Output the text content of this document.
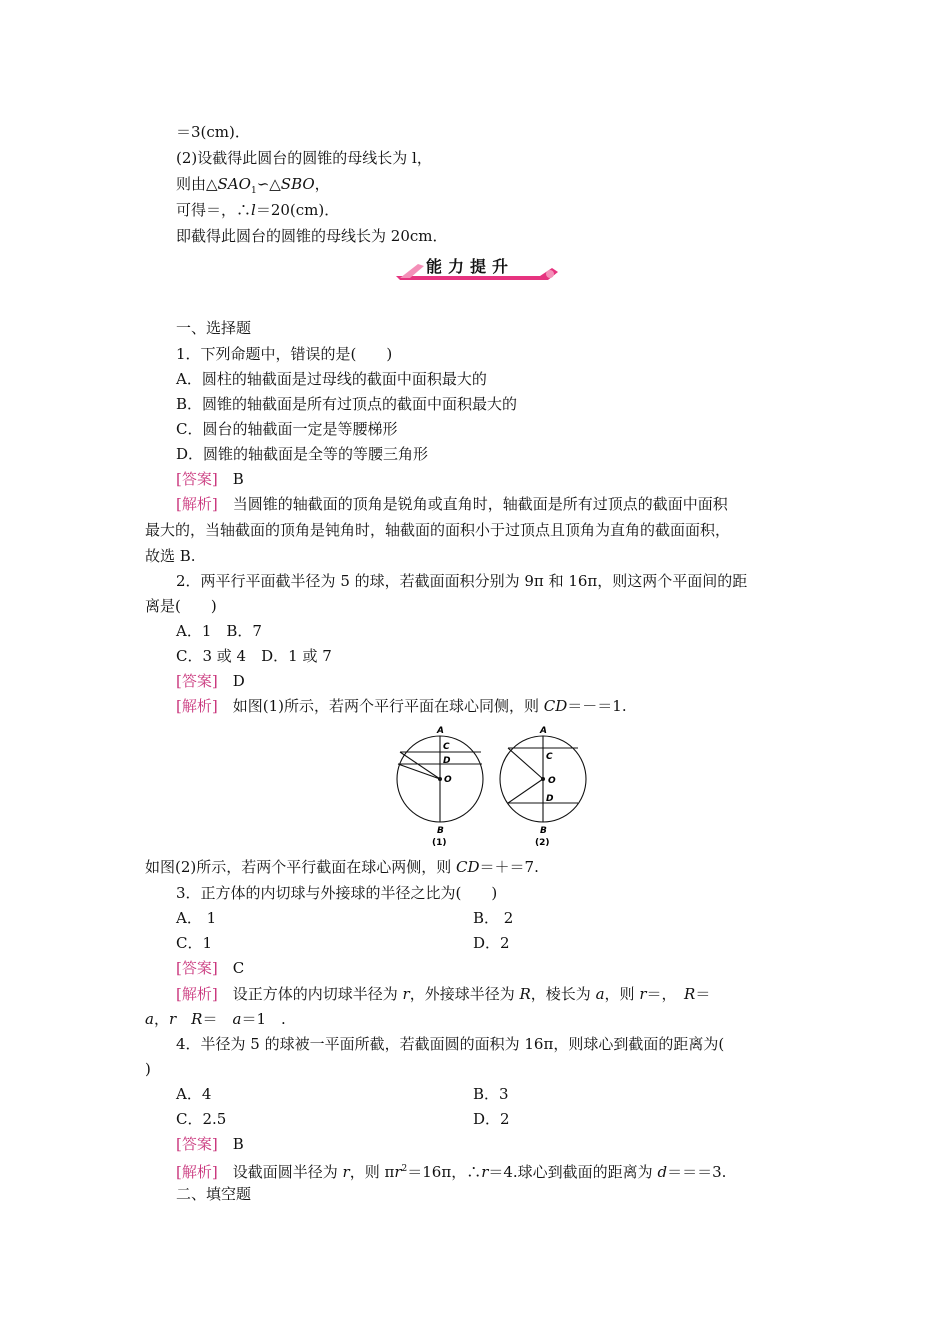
＝3(cm)．
(2)设截得此圆台的圆锥的母线长为 l，
则由$\triangle SAO_1∽\triangle SBO$，
可得＝，∴l＝20(cm)．
即截得此圆台的圆锥的母线长为 20cm．
能力提升
一、选择题
1．下列命题中，错误的是(　　)
A．圆柱的轴截面是过母线的截面中面积最大的
B．圆锥的轴截面是所有过顶点的截面中面积最大的
C．圆台的轴截面一定是等腰梯形
D．圆锥的轴截面是全等的等腰三角形
[答案]　 B
[解析]　 当圆锥的轴截面的顶角是锐角或直角时，轴截面是所有过顶点的截面中面积
最大的，当轴截面的顶角是钝角时，轴截面的面积小于过顶点且顶角为直角的截面面积，
故选 B.
2．两平行平面截半径为 5 的球，若截面面积分别为 9π 和 16π，则这两个平面间的距
离是(　　)
A．1　B．7
C．3 或 4　D．1 或 7
[答案]　 D
[解析]　 如图(1)所示，若两个平行平面在球心同侧，则 CD＝－＝1.
A
C
D
O
B
(1)
A
C
O
D
B
(2)
如图(2)所示，若两个平行截面在球心两侧，则 CD＝＋＝7.
3．正方体的内切球与外接球的半径之比为(　　)
A． 1	B． 2
C．1	D．2
[答案]　 C
[解析]　 设正方体的内切球半径为 r，外接球半径为 R，棱长为 a，则 r＝，　 R＝
a，r　 R＝　 a＝1　.
4．半径为 5 的球被一平面所截，若截面圆的面积为 16π，则球心到截面的距离为(
)
A．4	B．3
C．2.5	D．2
[答案]　 B
[解析]　 设截面圆半径为 r，则 $\pi r^2=16\pi$，∴r＝4.球心到截面的距离为 d＝＝＝3.
二、填空题
